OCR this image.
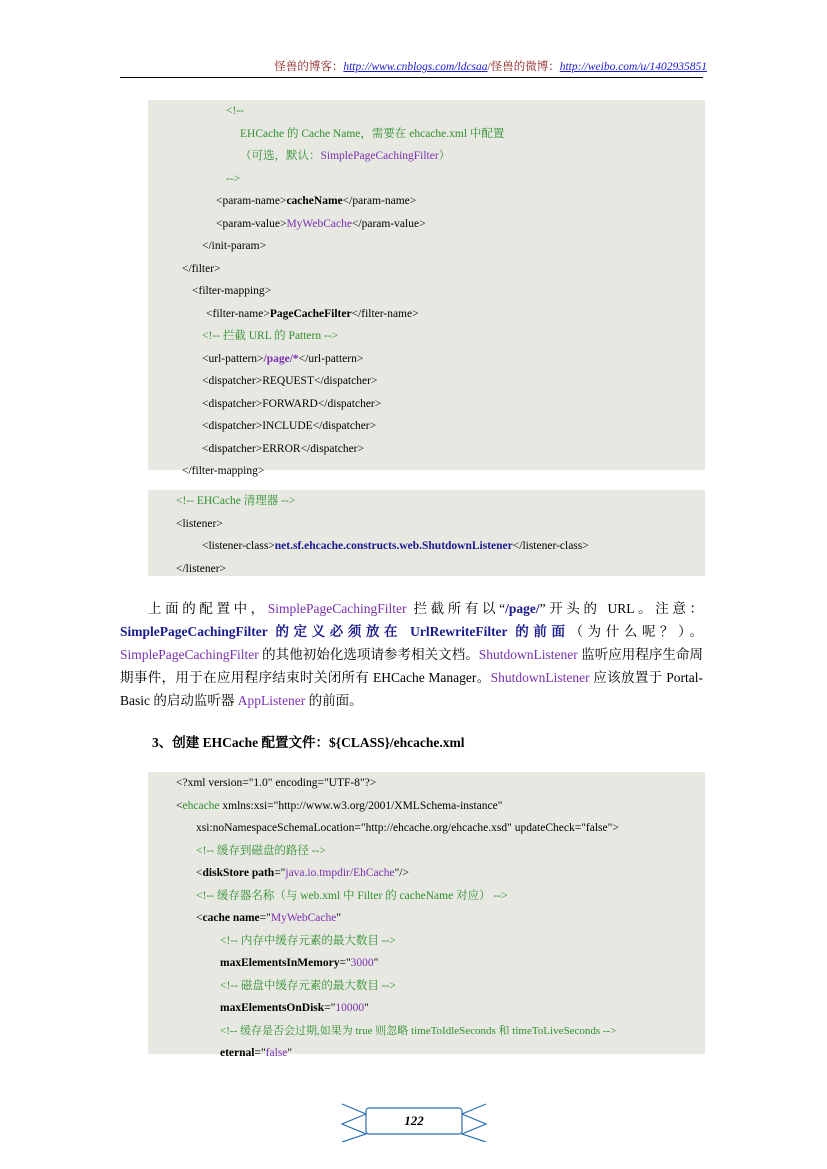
怪兽的博客：http://www.cnblogs.com/ldcsaa/怪兽的微博：http://weibo.com/u/1402935851
<!--
EHCache 的 Cache Name，需要在 ehcache.xml 中配置
（可选，默认：SimplePageCachingFilter）
-->
<param-name>cacheName</param-name>
<param-value>MyWebCache</param-value>
</init-param>
</filter>
<filter-mapping>
<filter-name>PageCacheFilter</filter-name>
<!-- 拦截 URL 的 Pattern -->
<url-pattern>/page/*</url-pattern>
<dispatcher>REQUEST</dispatcher>
<dispatcher>FORWARD</dispatcher>
<dispatcher>INCLUDE</dispatcher>
<dispatcher>ERROR</dispatcher>
</filter-mapping>
<!-- EHCache 清理器 -->
<listener>
<listener-class>net.sf.ehcache.constructs.web.ShutdownListener</listener-class>
</listener>
上面的配置中，SimplePageCachingFilter 拦截所有以“/page/”开头的 URL。注意：SimplePageCachingFilter 的定义必须放在 UrlRewriteFilter 的前面（为什么呢？）。SimplePageCachingFilter 的其他初始化选项请参考相关文档。ShutdownListener 监听应用程序生命周期事件，用于在应用程序结束时关闭所有 EHCache Manager。ShutdownListener 应该放置于 Portal-Basic 的启动监听器 AppListener 的前面。
3、创建 EHCache 配置文件：${CLASS}/ehcache.xml
<?xml version="1.0" encoding="UTF-8"?>
<ehcache xmlns:xsi="http://www.w3.org/2001/XMLSchema-instance"
xsi:noNamespaceSchemaLocation="http://ehcache.org/ehcache.xsd" updateCheck="false">
<!-- 缓存到磁盘的路径 -->
<diskStore path="java.io.tmpdir/EhCache"/>
<!-- 缓存器名称（与 web.xml 中 Filter 的 cacheName 对应） -->
<cache name="MyWebCache"
<!-- 内存中缓存元素的最大数目 -->
maxElementsInMemory="3000"
<!-- 磁盘中缓存元素的最大数目 -->
maxElementsOnDisk="10000"
<!-- 缓存是否会过期,如果为 true 则忽略 timeToIdleSeconds 和 timeToLiveSeconds -->
eternal="false"
122
